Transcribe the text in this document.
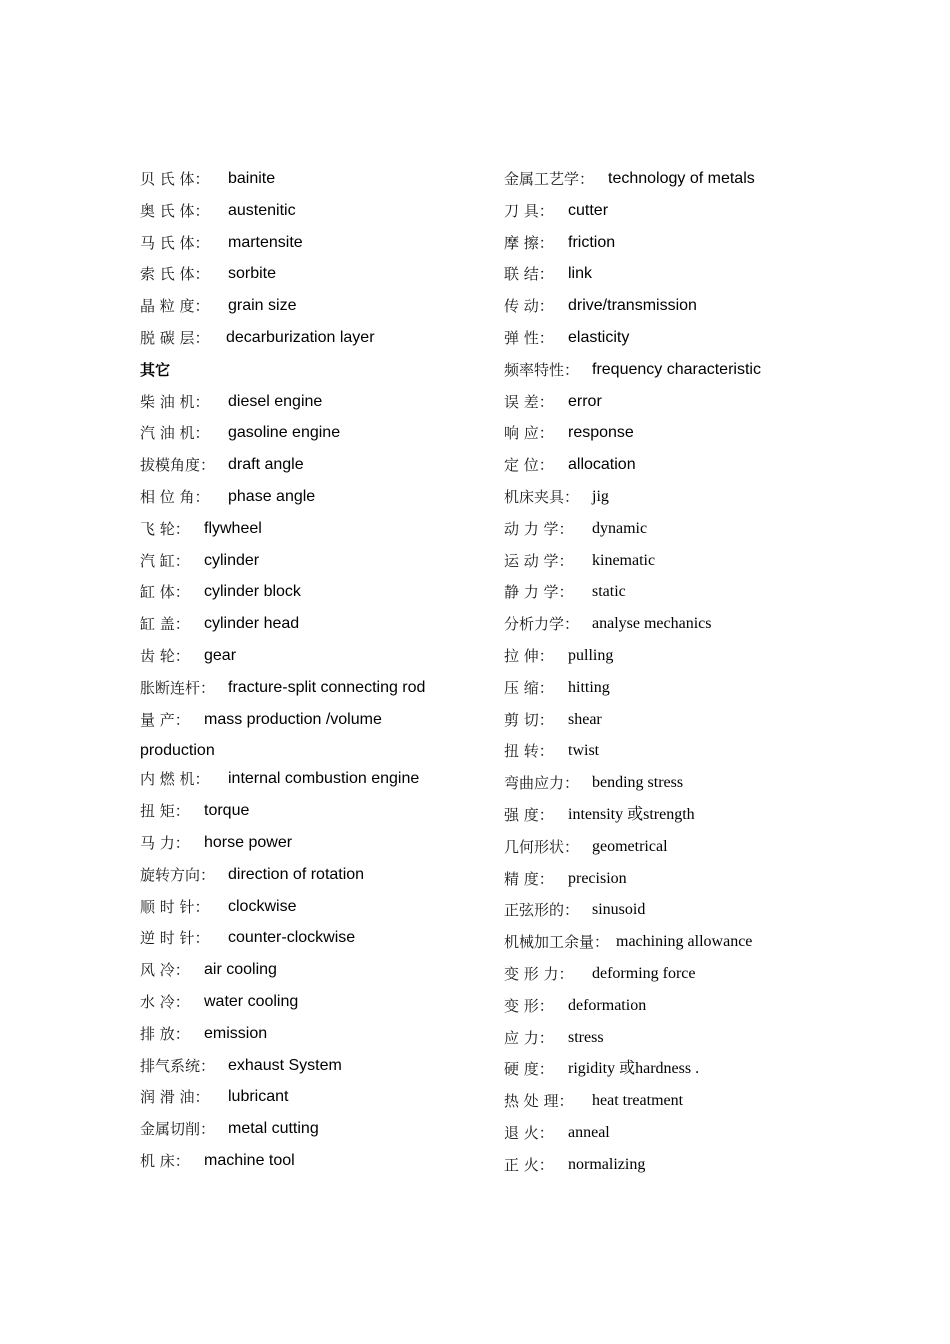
贝 氏 体： bainite
奥 氏 体： austenitic
马 氏 体： martensite
索 氏 体： sorbite
晶 粒 度： grain size
脱 碳 层： decarburization layer
其它
柴 油 机： diesel engine
汽 油 机： gasoline engine
拔模角度： draft angle
相 位 角： phase angle
飞 轮： flywheel
汽 缸： cylinder
缸 体： cylinder block
缸 盖： cylinder head
齿 轮： gear
胀断连杆： fracture-split connecting rod
量 产： mass production /volume
production
内 燃 机： internal combustion engine
扭 矩： torque
马 力： horse power
旋转方向： direction of rotation
顺 时 针： clockwise
逆 时 针： counter-clockwise
风 冷： air cooling
水 冷： water cooling
排 放： emission
排气系统： exhaust System
润 滑 油： lubricant
金属切削： metal cutting
机 床： machine tool
金属工艺学： technology of metals
刀 具： cutter
摩 擦： friction
联 结： link
传 动： drive/transmission
弹 性： elasticity
频率特性： frequency characteristic
误 差： error
响 应： response
定 位： allocation
机床夹具： jig
动 力 学： dynamic
运 动 学： kinematic
静 力 学： static
分析力学： analyse mechanics
拉 伸： pulling
压 缩： hitting
剪 切： shear
扭 转： twist
弯曲应力： bending stress
强 度： intensity 或strength
几何形状： geometrical
精 度： precision
正弦形的： sinusoid
机械加工余量： machining allowance
变 形 力： deforming force
变 形： deformation
应 力： stress
硬 度： rigidity 或hardness .
热 处 理： heat treatment
退 火： anneal
正 火： normalizing
